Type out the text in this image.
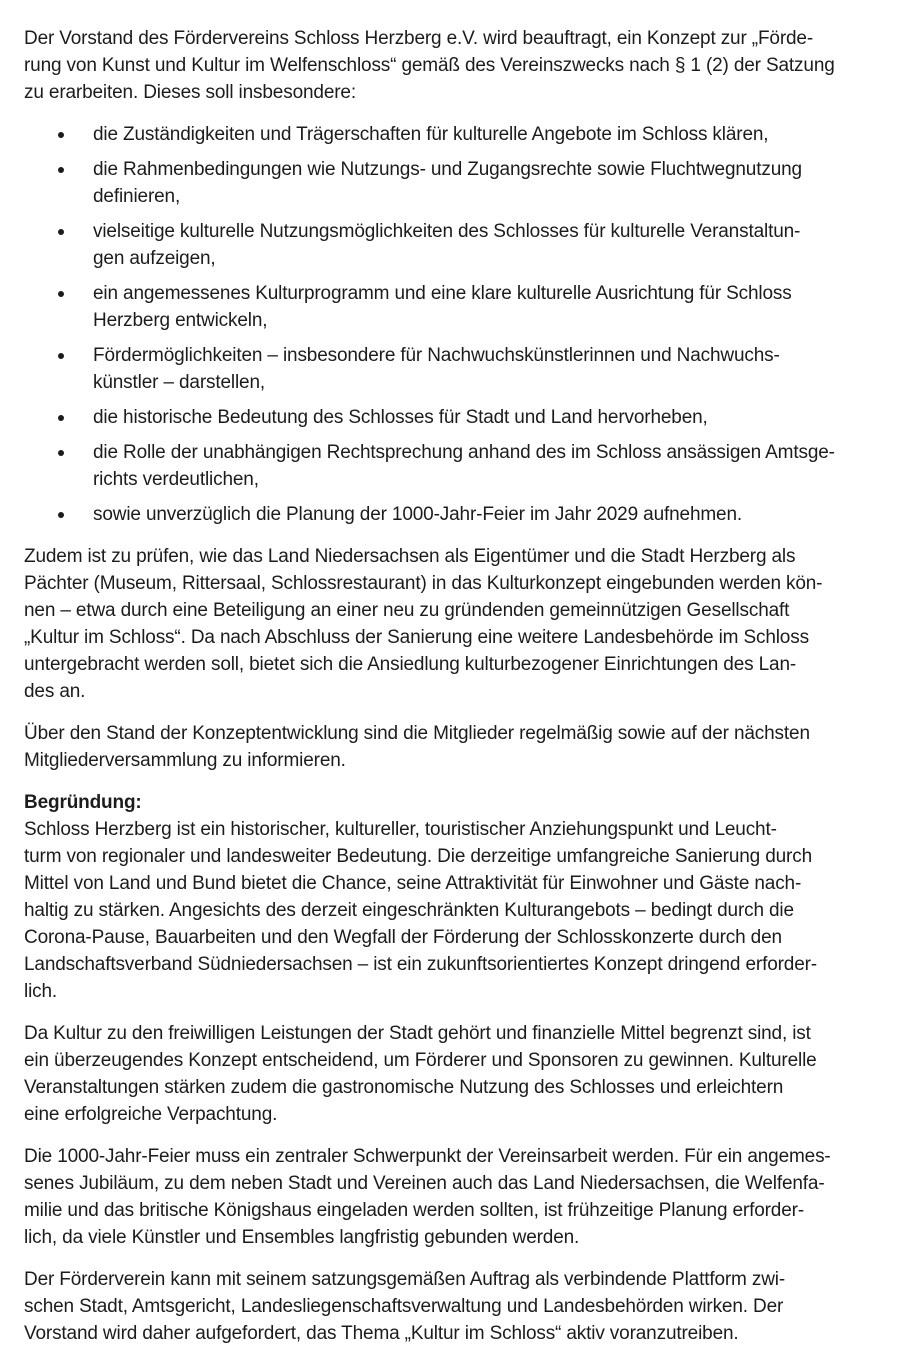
Der Vorstand des Fördervereins Schloss Herzberg e.V. wird beauftragt, ein Konzept zur „Förde-
rung von Kunst und Kultur im Welfenschloss“ gemäß des Vereinszwecks nach § 1 (2) der Satzung
zu erarbeiten. Dieses soll insbesondere:
die Zuständigkeiten und Trägerschaften für kulturelle Angebote im Schloss klären,
die Rahmenbedingungen wie Nutzungs- und Zugangsrechte sowie Fluchtwegnutzung
definieren,
vielseitige kulturelle Nutzungsmöglichkeiten des Schlosses für kulturelle Veranstaltun-
gen aufzeigen,
ein angemessenes Kulturprogramm und eine klare kulturelle Ausrichtung für Schloss
Herzberg entwickeln,
Fördermöglichkeiten – insbesondere für Nachwuchskünstlerinnen und Nachwuchs-
künstler – darstellen,
die historische Bedeutung des Schlosses für Stadt und Land hervorheben,
die Rolle der unabhängigen Rechtsprechung anhand des im Schloss ansässigen Amtsge-
richts verdeutlichen,
sowie unverzüglich die Planung der 1000-Jahr-Feier im Jahr 2029 aufnehmen.
Zudem ist zu prüfen, wie das Land Niedersachsen als Eigentümer und die Stadt Herzberg als
Pächter (Museum, Rittersaal, Schlossrestaurant) in das Kulturkonzept eingebunden werden kön-
nen – etwa durch eine Beteiligung an einer neu zu gründenden gemeinnützigen Gesellschaft
„Kultur im Schloss“. Da nach Abschluss der Sanierung eine weitere Landesbehörde im Schloss
untergebracht werden soll, bietet sich die Ansiedlung kulturbezogener Einrichtungen des Lan-
des an.
Über den Stand der Konzeptentwicklung sind die Mitglieder regelmäßig sowie auf der nächsten
Mitgliederversammlung zu informieren.
Begründung:
Schloss Herzberg ist ein historischer, kultureller, touristischer Anziehungspunkt und Leucht-
turm von regionaler und landesweiter Bedeutung. Die derzeitige umfangreiche Sanierung durch
Mittel von Land und Bund bietet die Chance, seine Attraktivität für Einwohner und Gäste nach-
haltig zu stärken. Angesichts des derzeit eingeschränkten Kulturangebots – bedingt durch die
Corona-Pause, Bauarbeiten und den Wegfall der Förderung der Schlosskonzerte durch den
Landschaftsverband Südniedersachsen – ist ein zukunftsorientiertes Konzept dringend erforder-
lich.
Da Kultur zu den freiwilligen Leistungen der Stadt gehört und finanzielle Mittel begrenzt sind, ist
ein überzeugendes Konzept entscheidend, um Förderer und Sponsoren zu gewinnen. Kulturelle
Veranstaltungen stärken zudem die gastronomische Nutzung des Schlosses und erleichtern
eine erfolgreiche Verpachtung.
Die 1000-Jahr-Feier muss ein zentraler Schwerpunkt der Vereinsarbeit werden. Für ein angemes-
senes Jubiläum, zu dem neben Stadt und Vereinen auch das Land Niedersachsen, die Welfenfa-
milie und das britische Königshaus eingeladen werden sollten, ist frühzeitige Planung erforder-
lich, da viele Künstler und Ensembles langfristig gebunden werden.
Der Förderverein kann mit seinem satzungsgemäßen Auftrag als verbindende Plattform zwi-
schen Stadt, Amtsgericht, Landesliegenschaftsverwaltung und Landesbehörden wirken. Der
Vorstand wird daher aufgefordert, das Thema „Kultur im Schloss“ aktiv voranzutreiben.
